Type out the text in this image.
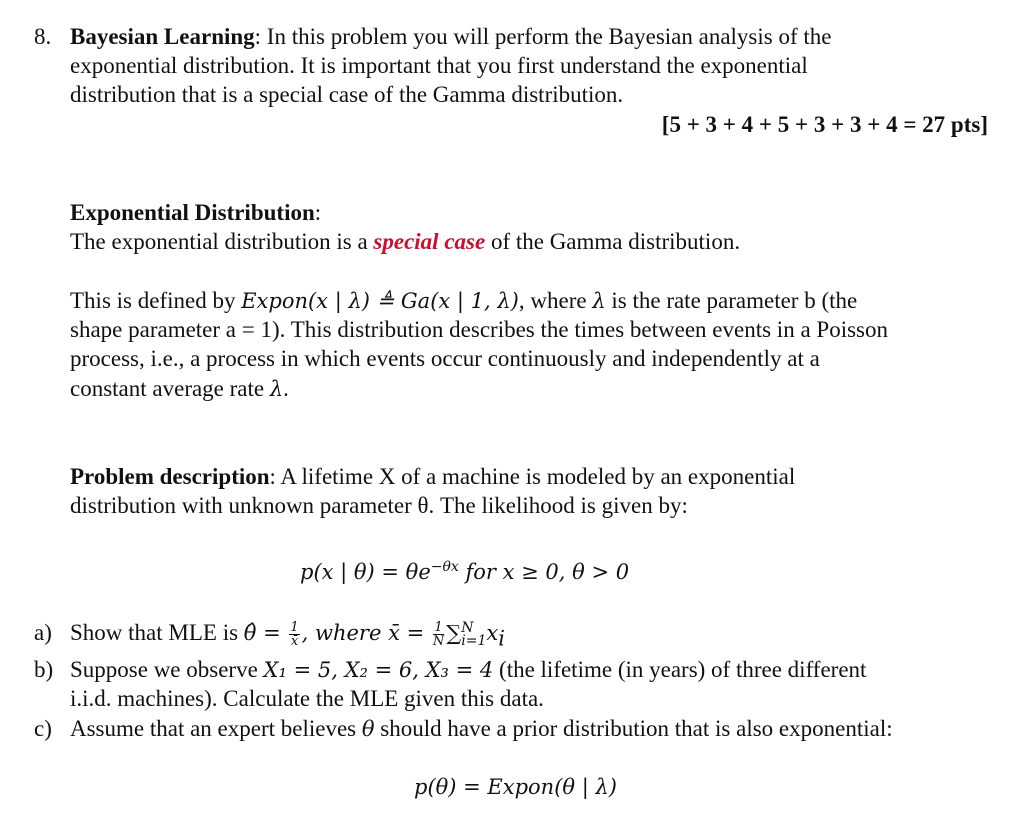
8. Bayesian Learning: In this problem you will perform the Bayesian analysis of the
exponential distribution. It is important that you first understand the exponential
distribution that is a special case of the Gamma distribution.
[5 + 3 + 4 + 5 + 3 + 3 + 4 = 27 pts]
Exponential Distribution:
The exponential distribution is a special case of the Gamma distribution.
This is defined by Expon(x | λ) ≜ Ga(x | 1, λ), where λ is the rate parameter b (the
shape parameter a = 1). This distribution describes the times between events in a Poisson
process, i.e., a process in which events occur continuously and independently at a
constant average rate λ.
Problem description: A lifetime X of a machine is modeled by an exponential
distribution with unknown parameter θ. The likelihood is given by:
p(x | $\theta) = \theta e^{-\theta x}$ for x ≥ 0, θ > 0
a) Show that MLE is θ̂ = $\frac{1}{x̄}$ , where x̄ = $\frac{1}{N}$ ∑ N
i=1 $x_i$
b) Suppose we observe X₁ = 5, X₂ = 6, X₃ = 4 (the lifetime (in years) of three different
i.i.d. machines). Calculate the MLE given this data.
c) Assume that an expert believes θ should have a prior distribution that is also exponential:
p(θ) = Expon(θ | λ)
